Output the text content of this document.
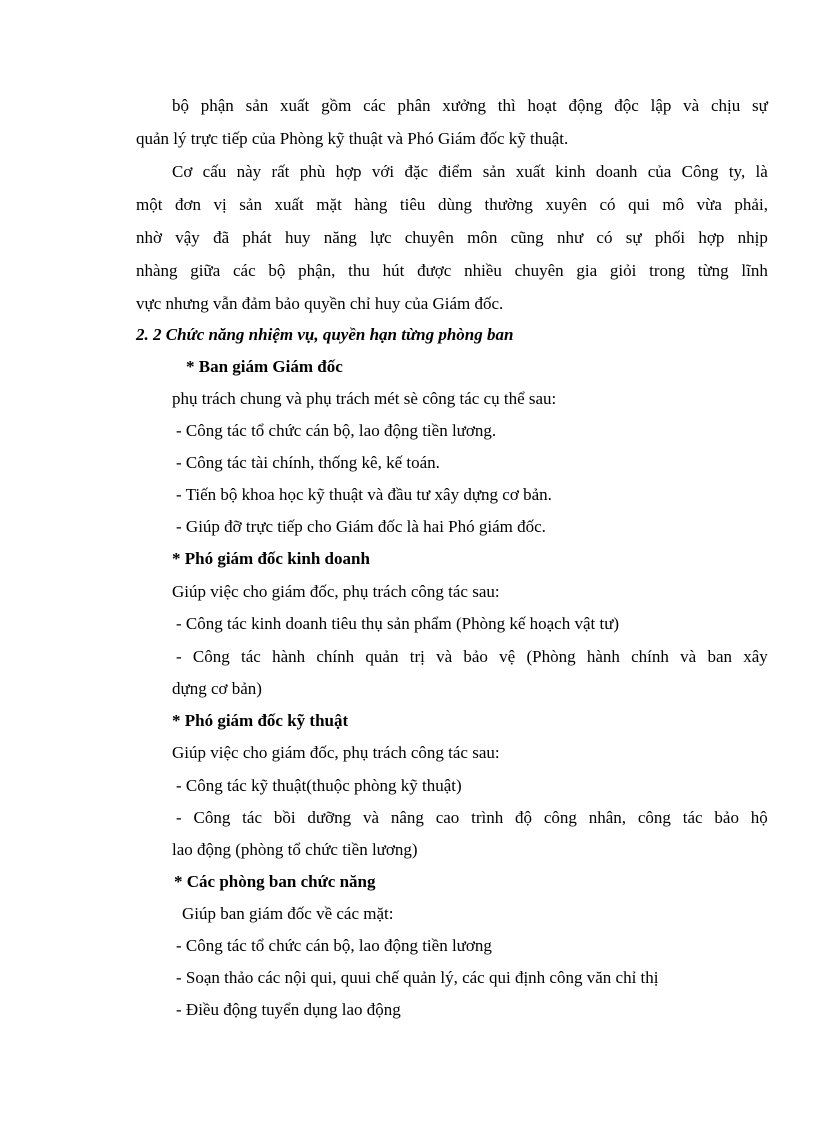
bộ phận sản xuất gồm các phân xưởng thì hoạt động độc lập và chịu sự
quản lý trực tiếp của Phòng kỹ thuật và Phó Giám đốc kỹ thuật.
Cơ cấu này rất phù hợp với đặc điểm sản xuất kinh doanh của Công ty, là
một đơn vị sản xuất mặt hàng tiêu dùng thường xuyên có qui mô vừa phải,
nhờ vậy đã phát huy năng lực chuyên môn cũng như có sự phối hợp nhịp
nhàng giữa các bộ phận, thu hút được nhiều chuyên gia giỏi trong từng lĩnh
vực nhưng vẫn đảm bảo quyền chỉ huy của Giám đốc.
2. 2 Chức năng nhiệm vụ, quyền hạn từng phòng ban
* Ban giám Giám đốc
phụ trách chung và phụ trách mét sè công tác cụ thể sau:
- Công tác tổ chức cán bộ, lao động tiền lương.
- Công tác tài chính, thống kê, kế toán.
- Tiến bộ khoa học kỹ thuật và đầu tư xây dựng cơ bản.
- Giúp đỡ trực tiếp cho Giám đốc là hai Phó giám đốc.
* Phó giám đốc kinh doanh
Giúp việc cho giám đốc, phụ trách công tác sau:
- Công tác kinh doanh tiêu thụ sản phẩm (Phòng kế hoạch vật tư)
- Công tác hành chính quản trị và bảo vệ (Phòng hành chính và ban xây
dựng cơ bản)
* Phó giám đốc kỹ thuật
Giúp việc cho giám đốc, phụ trách công tác sau:
- Công tác kỹ thuật(thuộc phòng kỹ thuật)
- Công tác bồi dưỡng và nâng cao trình độ công nhân, công tác bảo hộ
lao động (phòng tổ chức tiền lương)
* Các phòng ban chức năng
Giúp ban giám đốc về các mặt:
- Công tác tổ chức cán bộ, lao động tiền lương
- Soạn thảo các nội qui, quui chế quản lý, các qui định công văn chỉ thị
- Điều động tuyển dụng lao động
